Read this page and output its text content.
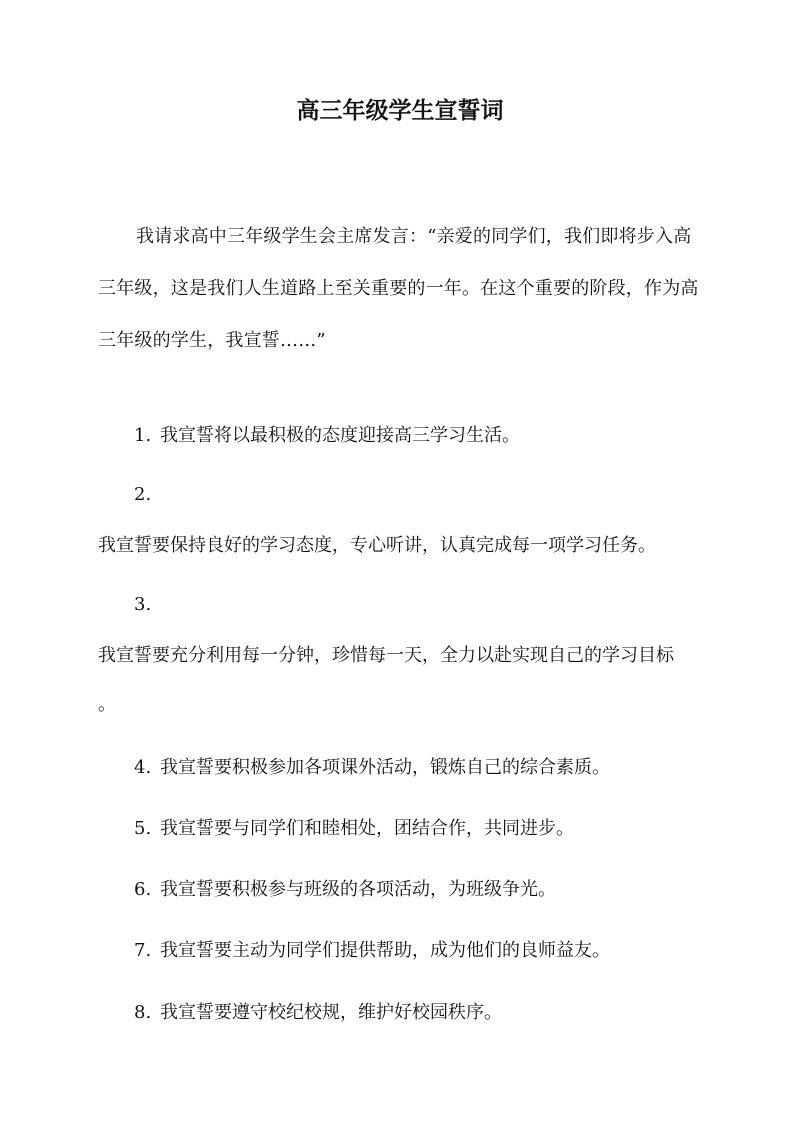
高三年级学生宣誓词

我请求高中三年级学生会主席发言：“亲爱的同学们，我们即将步入高三年级，这是我们人生道路上至关重要的一年。在这个重要的阶段，作为高三年级的学生，我宣誓……”

1. 我宣誓将以最积极的态度迎接高三学习生活。

2.

我宣誓要保持良好的学习态度，专心听讲，认真完成每一项学习任务。

3.

我宣誓要充分利用每一分钟，珍惜每一天，全力以赴实现自己的学习目标

。

4. 我宣誓要积极参加各项课外活动，锻炼自己的综合素质。

5. 我宣誓要与同学们和睦相处，团结合作，共同进步。

6. 我宣誓要积极参与班级的各项活动，为班级争光。

7. 我宣誓要主动为同学们提供帮助，成为他们的良师益友。

8. 我宣誓要遵守校纪校规，维护好校园秩序。
